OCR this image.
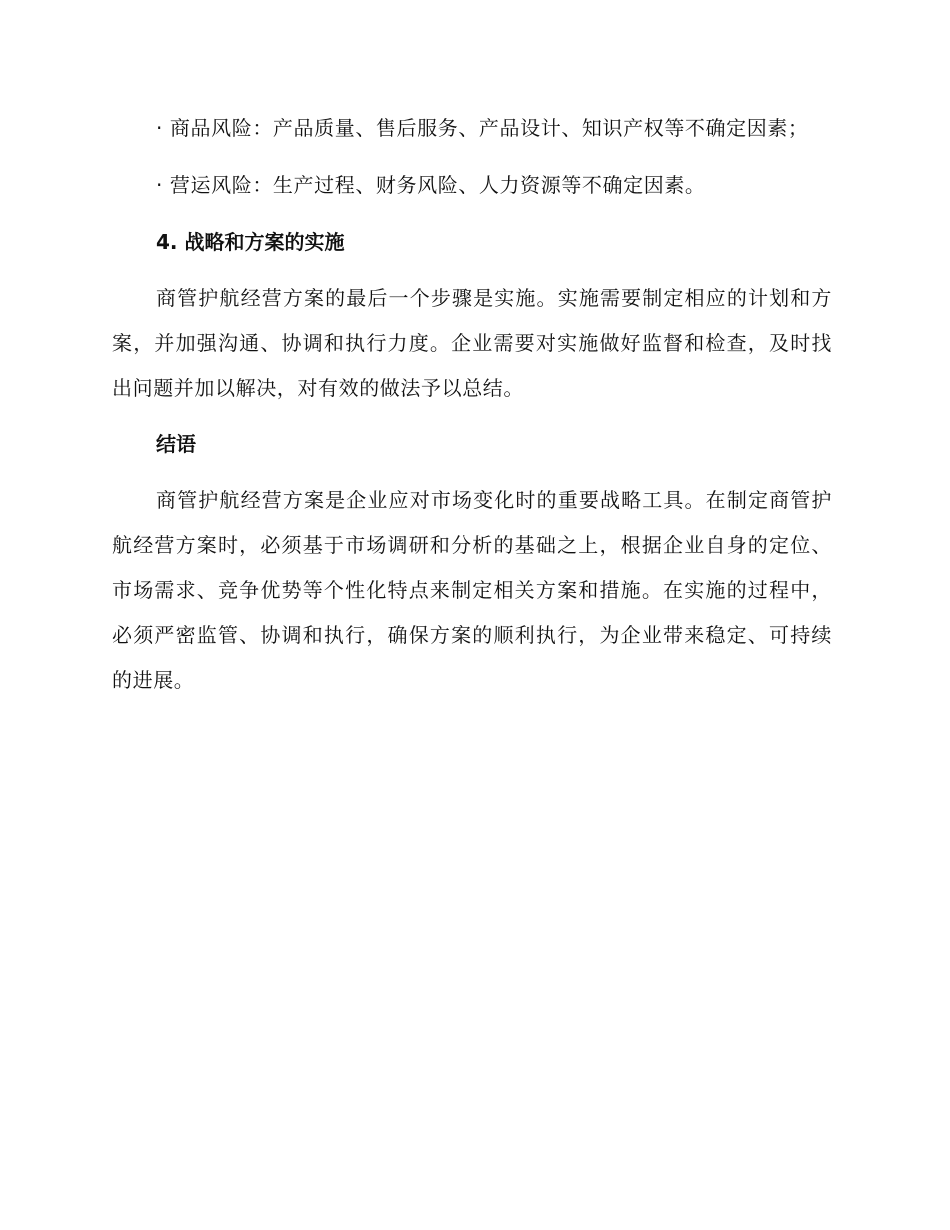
· 商品风险：产品质量、售后服务、产品设计、知识产权等不确定因素；

· 营运风险：生产过程、财务风险、人力资源等不确定因素。

4. 战略和方案的实施

商管护航经营方案的最后一个步骤是实施。实施需要制定相应的计划和方案，并加强沟通、协调和执行力度。企业需要对实施做好监督和检查，及时找出问题并加以解决，对有效的做法予以总结。

结语

商管护航经营方案是企业应对市场变化时的重要战略工具。在制定商管护航经营方案时，必须基于市场调研和分析的基础之上，根据企业自身的定位、市场需求、竞争优势等个性化特点来制定相关方案和措施。在实施的过程中，必须严密监管、协调和执行，确保方案的顺利执行，为企业带来稳定、可持续的进展。
